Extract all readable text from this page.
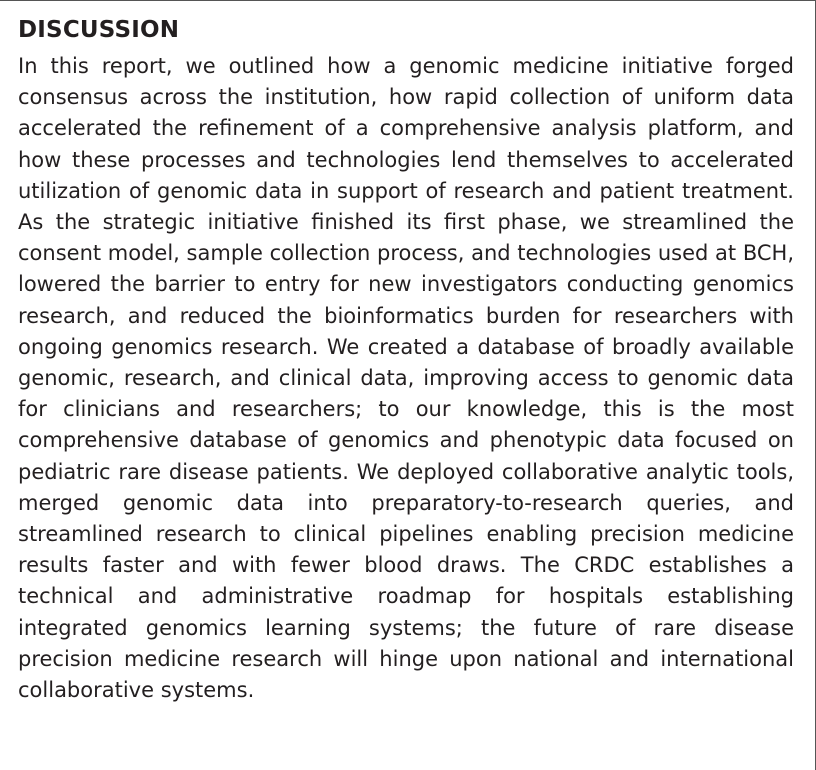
DISCUSSION

In this report, we outlined how a genomic medicine initiative forged consensus across the institution, how rapid collection of uniform data accelerated the refinement of a comprehensive analysis platform, and how these processes and technologies lend themselves to accelerated utilization of genomic data in support of research and patient treatment. As the strategic initiative finished its first phase, we streamlined the consent model, sample collection process, and technologies used at BCH, lowered the barrier to entry for new investigators conducting genomics research, and reduced the bioinformatics burden for researchers with ongoing genomics research. We created a database of broadly available genomic, research, and clinical data, improving access to genomic data for clinicians and researchers; to our knowledge, this is the most comprehensive database of genomics and phenotypic data focused on pediatric rare disease patients. We deployed collaborative analytic tools, merged genomic data into preparatory-to-research queries, and streamlined research to clinical pipelines enabling precision medicine results faster and with fewer blood draws. The CRDC establishes a technical and administrative roadmap for hospitals establishing integrated genomics learning systems; the future of rare disease precision medicine research will hinge upon national and international collaborative systems.
